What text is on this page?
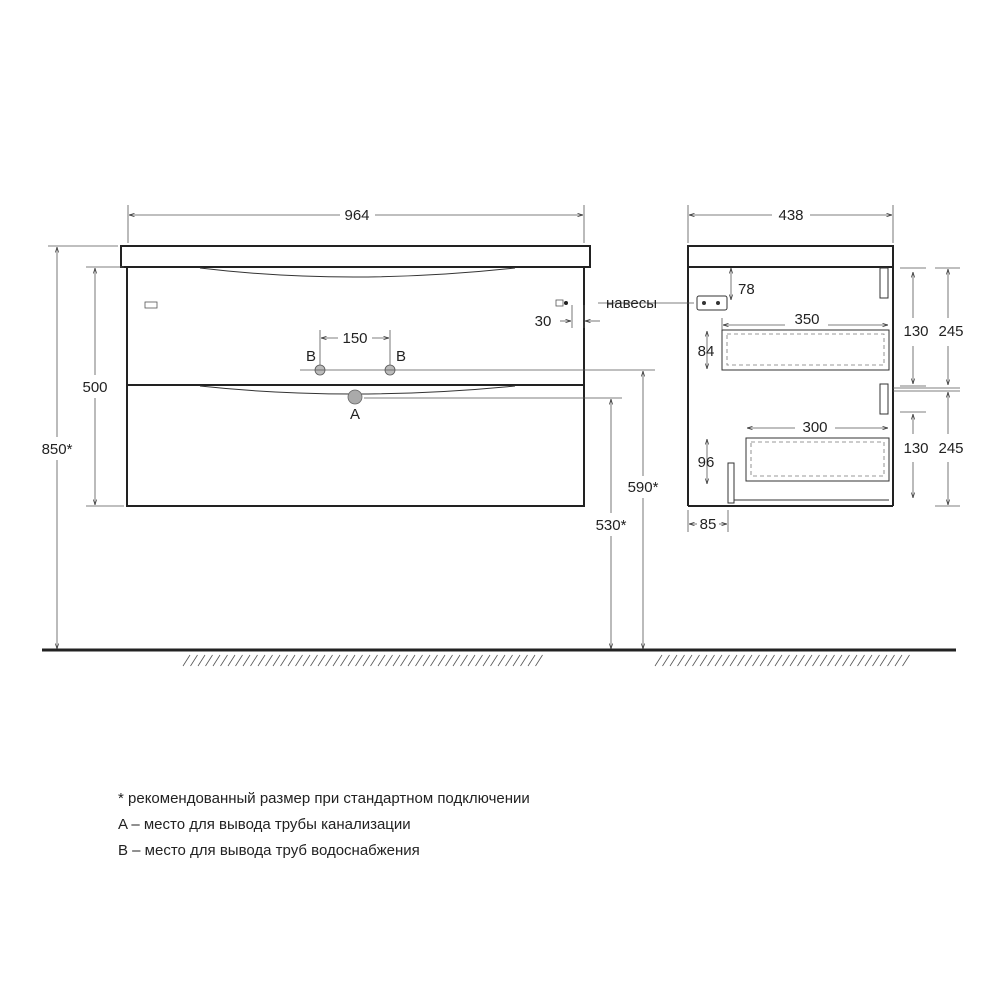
964
500
850*
150
B	B
A
30
590*
530*
навесы
438
78
350
84
300
96
85
130 245
130 245
* рекомендованный размер при стандартном подключении
A – место для вывода трубы канализации
B – место для вывода труб водоснабжения
